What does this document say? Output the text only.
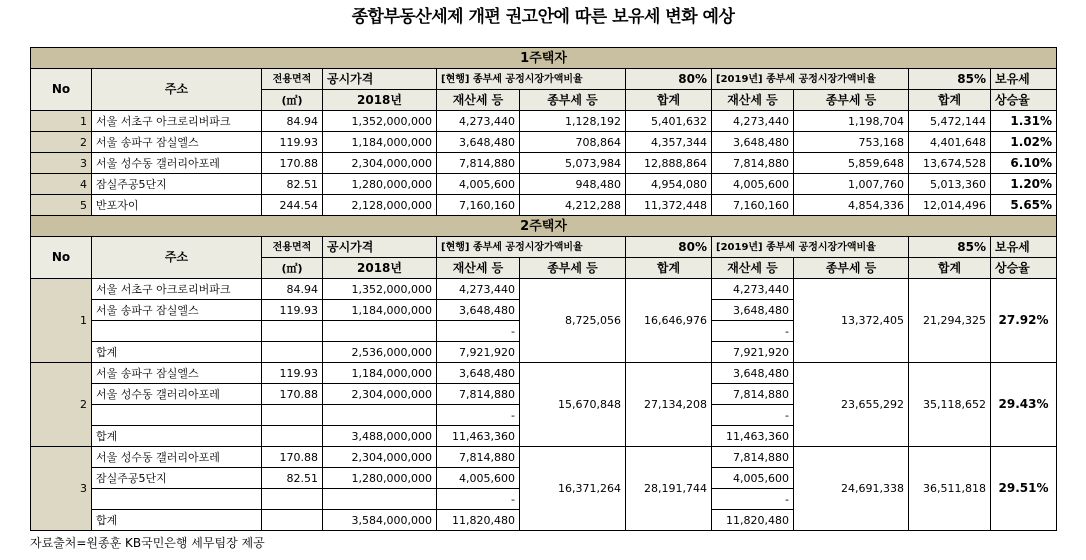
종합부동산세제 개편 권고안에 따른 보유세 변화 예상
1주택자										
No	주소	전용면적	공시가격	[현행] 종부세 공정시장가액비율		80%	[2019년] 종부세 공정시장가액비율		85%	보유세
		(㎡)	2018년	재산세 등	종부세 등	합계	재산세 등	종부세 등	합계	상승율
1	서울 서초구 아크로리버파크	84.94	1,352,000,000	4,273,440	1,128,192	5,401,632	4,273,440	1,198,704	5,472,144	1.31%
2	서울 송파구 잠실엘스	119.93	1,184,000,000	3,648,480	708,864	4,357,344	3,648,480	753,168	4,401,648	1.02%
3	서울 성수동 갤러리아포레	170.88	2,304,000,000	7,814,880	5,073,984	12,888,864	7,814,880	5,859,648	13,674,528	6.10%
4	잠실주공5단지	82.51	1,280,000,000	4,005,600	948,480	4,954,080	4,005,600	1,007,760	5,013,360	1.20%
5	반포자이	244.54	2,128,000,000	7,160,160	4,212,288	11,372,448	7,160,160	4,854,336	12,014,496	5.65%
2주택자										
No	주소	전용면적	공시가격	[현행] 종부세 공정시장가액비율		80%	[2019년] 종부세 공정시장가액비율		85%	보유세
		(㎡)	2018년	재산세 등	종부세 등	합계	재산세 등	종부세 등	합계	상승율
1	서울 서초구 아크로리버파크	84.94	1,352,000,000	4,273,440	8,725,056	16,646,976	4,273,440	13,372,405	21,294,325	27.92%
	서울 송파구 잠실엘스	119.93	1,184,000,000	3,648,480			3,648,480			
				-			-			
	합계		2,536,000,000	7,921,920			7,921,920			
2	서울 송파구 잠실엘스	119.93	1,184,000,000	3,648,480	15,670,848	27,134,208	3,648,480	23,655,292	35,118,652	29.43%
	서울 성수동 갤러리아포레	170.88	2,304,000,000	7,814,880			7,814,880			
				-			-			
	합계		3,488,000,000	11,463,360			11,463,360			
3	서울 성수동 갤러리아포레	170.88	2,304,000,000	7,814,880	16,371,264	28,191,744	7,814,880	24,691,338	36,511,818	29.51%
	잠실주공5단지	82.51	1,280,000,000	4,005,600			4,005,600			
				-			-			
	합계		3,584,000,000	11,820,480			11,820,480			
자료출처=원종훈 KB국민은행 세무팀장 제공
